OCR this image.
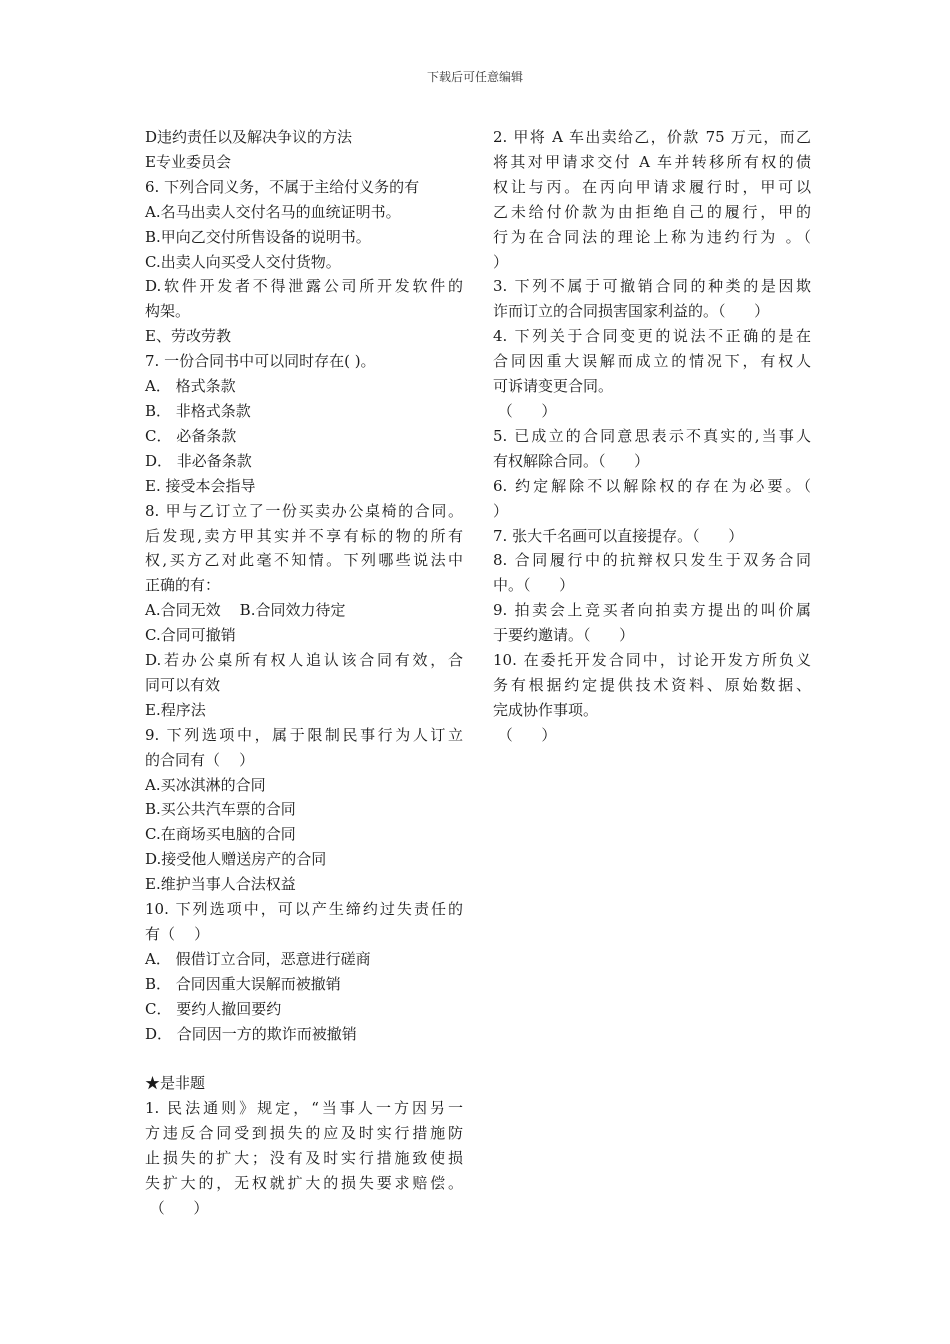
下载后可任意编辑
D违约责任以及解决争议的方法
E专业委员会
6. 下列合同义务，不属于主给付义务的有
A.名马出卖人交付名马的血统证明书。
B.甲向乙交付所售设备的说明书。
C.出卖人向买受人交付货物。
D.软件开发者不得泄露公司所开发软件的
构架。
E、劳改劳教
7. 一份合同书中可以同时存在( )。
A． 格式条款
B． 非格式条款
C． 必备条款
D． 非必备条款
E. 接受本会指导
8. 甲与乙订立了一份买卖办公桌椅的合同。
后发现,卖方甲其实并不享有标的物的所有
权,买方乙对此毫不知情。下列哪些说法中
正确的有：
A.合同无效    B.合同效力待定
C.合同可撤销
D.若办公桌所有权人追认该合同有效，合
同可以有效
E.程序法
9. 下列选项中，属于限制民事行为人订立
的合同有（    ）
A.买冰淇淋的合同
B.买公共汽车票的合同
C.在商场买电脑的合同
D.接受他人赠送房产的合同
E.维护当事人合法权益
10. 下列选项中，可以产生缔约过失责任的
有（    ）
A． 假借订立合同，恶意进行磋商
B． 合同因重大误解而被撤销
C． 要约人撤回要约
D． 合同因一方的欺诈而被撤销
★是非题
1. 民法通则》规定，“当事人一方因另一
方违反合同受到损失的应及时实行措施防
止损失的扩大；没有及时实行措施致使损
失扩大的，无权就扩大的损失要求赔偿。
（      ）
2. 甲将 A 车出卖给乙，价款 75 万元，而乙
将其对甲请求交付 A 车并转移所有权的债
权让与丙。在丙向甲请求履行时，甲可以
乙未给付价款为由拒绝自己的履行，甲的
行为在合同法的理论上称为违约行为 。（
）
3. 下列不属于可撤销合同的种类的是因欺
诈而订立的合同损害国家利益的。（      ）
4. 下列关于合同变更的说法不正确的是在
合同因重大误解而成立的情况下，有权人
可诉请变更合同。
（      ）
5. 已成立的合同意思表示不真实的,当事人
有权解除合同。（      ）
6. 约定解除不以解除权的存在为必要。（
）
7. 张大千名画可以直接提存。（      ）
8. 合同履行中的抗辩权只发生于双务合同
中。（      ）
9. 拍卖会上竞买者向拍卖方提出的叫价属
于要约邀请。（      ）
10. 在委托开发合同中，讨论开发方所负义
务有根据约定提供技术资料、原始数据、
完成协作事项。
（      ）
